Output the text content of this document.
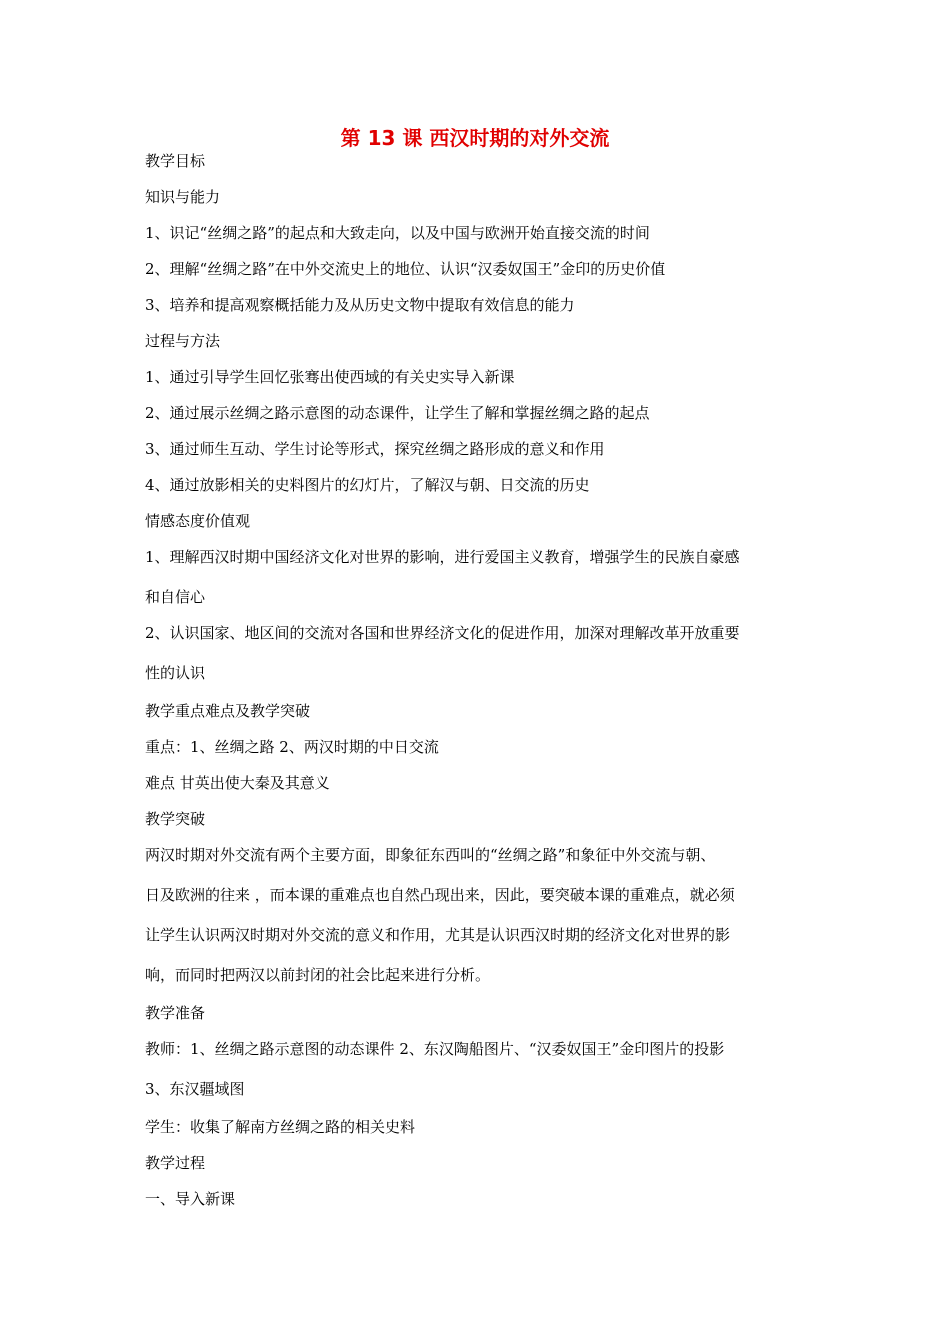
第 13 课 西汉时期的对外交流
教学目标
知识与能力
1、识记“丝绸之路”的起点和大致走向，以及中国与欧洲开始直接交流的时间
2、理解“丝绸之路”在中外交流史上的地位、认识“汉委奴国王”金印的历史价值
3、培养和提高观察概括能力及从历史文物中提取有效信息的能力
过程与方法
1、通过引导学生回忆张骞出使西域的有关史实导入新课
2、通过展示丝绸之路示意图的动态课件，让学生了解和掌握丝绸之路的起点
3、通过师生互动、学生讨论等形式，探究丝绸之路形成的意义和作用
4、通过放影相关的史料图片的幻灯片，了解汉与朝、日交流的历史
情感态度价值观
1、理解西汉时期中国经济文化对世界的影响，进行爱国主义教育，增强学生的民族自豪感
和自信心
2、认识国家、地区间的交流对各国和世界经济文化的促进作用，加深对理解改革开放重要
性的认识
教学重点难点及教学突破
重点：1、丝绸之路 2、两汉时期的中日交流
难点 甘英出使大秦及其意义
教学突破
两汉时期对外交流有两个主要方面，即象征东西叫的“丝绸之路”和象征中外交流与朝、
日及欧洲的往来 ，而本课的重难点也自然凸现出来，因此，要突破本课的重难点，就必须
让学生认识两汉时期对外交流的意义和作用，尤其是认识西汉时期的经济文化对世界的影
响，而同时把两汉以前封闭的社会比起来进行分析。
教学准备
教师：1、丝绸之路示意图的动态课件 2、东汉陶船图片、“汉委奴国王”金印图片的投影
3、东汉疆域图
学生：收集了解南方丝绸之路的相关史料
教学过程
一、导入新课
